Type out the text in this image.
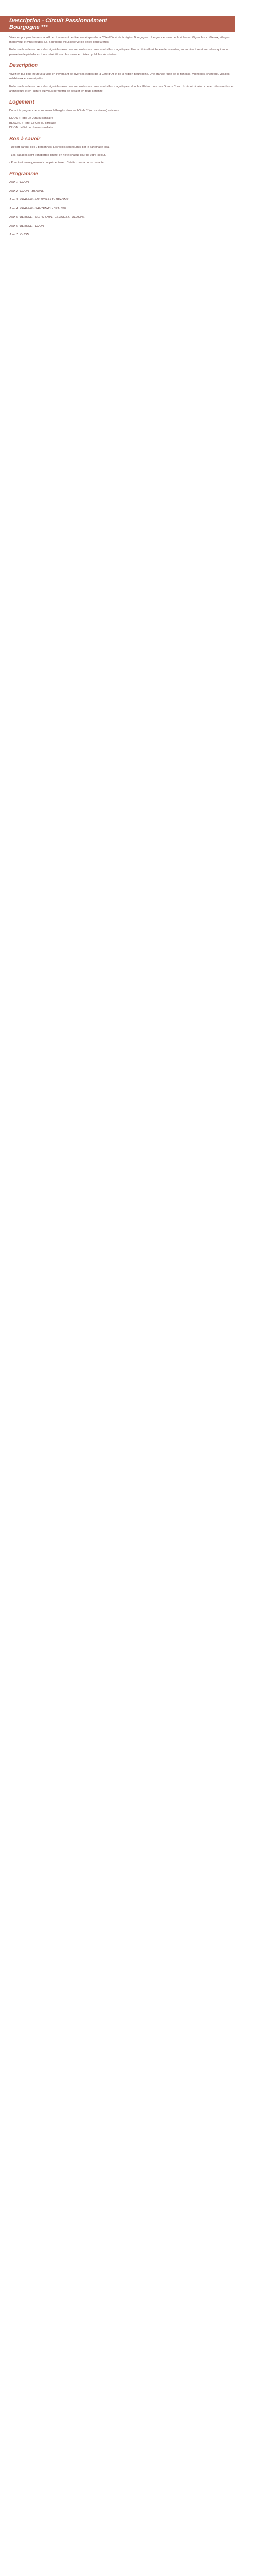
Description - Circuit Passionnément
Bourgogne ***

Vivez en pur plus heureux à vélo en traversant de diverses étapes de la Côte d'Or et de la région Bourgogne. Une grande route de la richesse. Vignobles, châteaux, villages médiévaux et vins réputés. La Bourgogne vous réserve de belles découvertes.

Enfin une boucle au cœur des vignobles avec vue sur toutes ses œuvres et villes magnifiques. Un circuit à vélo riche en découvertes, en architecture et en culture qui vous permettra de pédaler en toute sérénité sur des routes et pistes cyclables sécurisées.

Description

Vivez en pur plus heureux à vélo en traversant de diverses étapes de la Côte d'Or et de la région Bourgogne. Une grande route de la richesse. Vignobles, châteaux, villages médiévaux et vins réputés.

Enfin une boucle au cœur des vignobles avec vue sur toutes ses œuvres et villes magnifiques, dont la célèbre route des Grands Crus. Un circuit à vélo riche en découvertes, en architecture et en culture qui vous permettra de pédaler en toute sérénité.

Logement

Durant le programme, vous serez hébergés dans les hôtels 3* (ou similaires) suivants :

DIJON : Hôtel Le Jura ou similaire
BEAUNE : Hôtel Le Cep ou similaire
DIJON : Hôtel Le Jura ou similaire

Bon à savoir

- Départ garanti dès 2 personnes. Les vélos sont fournis par le partenaire local.

- Les bagages sont transportés d'hôtel en hôtel chaque jour de votre séjour.

- Pour tout renseignement complémentaire, n'hésitez pas à nous contacter.

Programme
Jour 1 : DIJON
Jour 2 : DIJON - BEAUNE
Jour 3 : BEAUNE - MEURSAULT - BEAUNE
Jour 4 : BEAUNE - SANTENAY - BEAUNE
Jour 5 : BEAUNE - NUITS SAINT GEORGES - BEAUNE
Jour 6 : BEAUNE - DIJON
Jour 7 : DIJON
